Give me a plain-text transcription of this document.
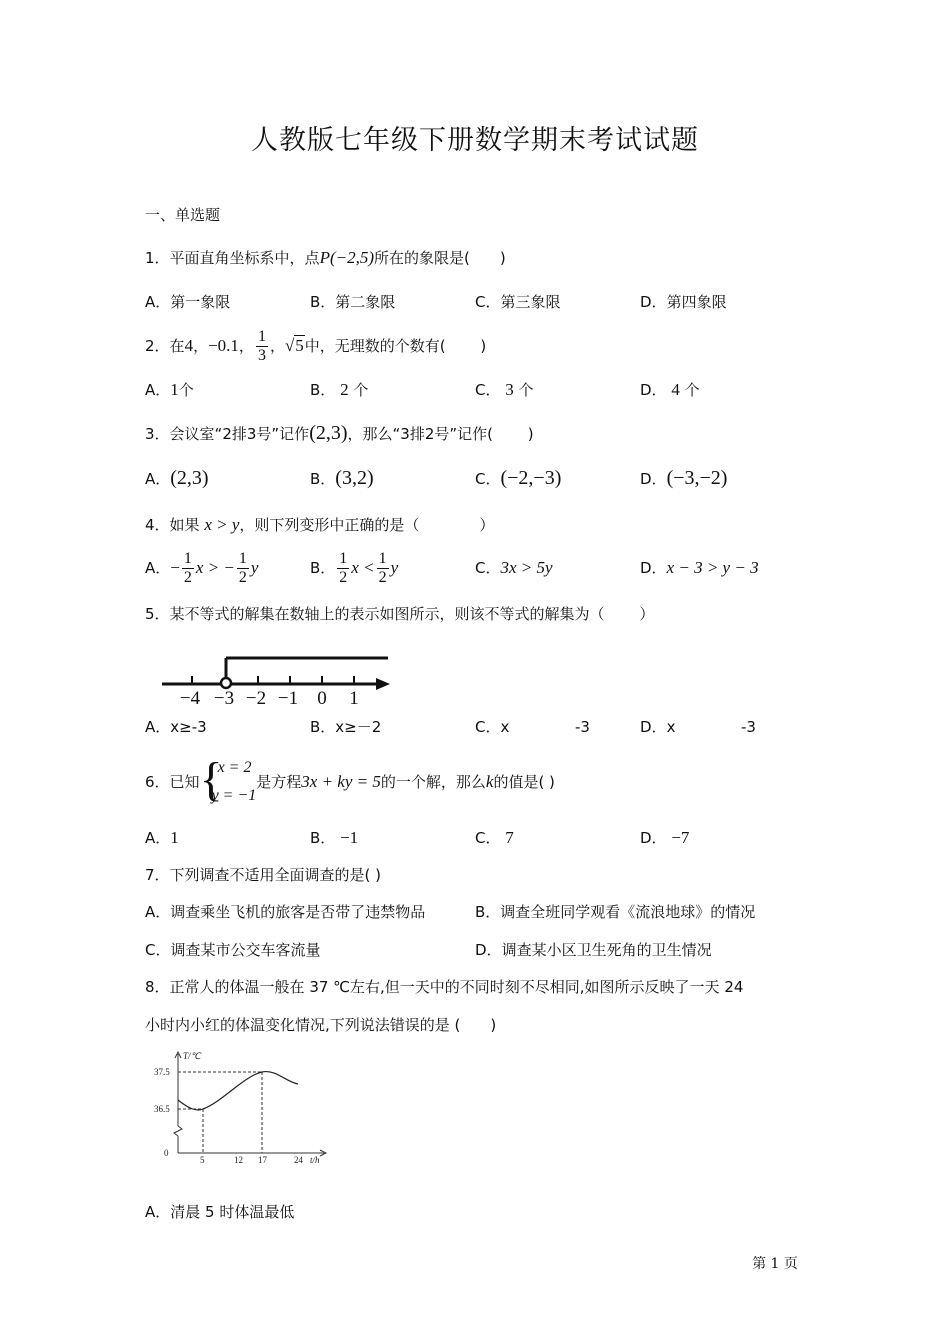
人教版七年级下册数学期末考试试题
一、单选题
1．平面直角坐标系中，点P(−2,5)所在的象限是(　　)
A．第一象限	B．第二象限	C．第三象限	D．第四象限
2． 在 4 ， −0.1 ， $\frac{1}{3}$ ， √5 中，无理数的个数有(　　 )
A．1个	B． 2 个	C． 3 个	D． 4 个
3．会议室“2排3号”记作(2,3)，那么“3排2号”记作(　　 )
A．(2,3)	B．(3,2)	C．(−2,−3)	D．(−3,−2)
4．如果 x > y，则下列变形中正确的是（　　　　）
A． − $\frac{1}{2}$ x > − $\frac{1}{2}$ y	B． $\frac{1}{2}$ $x < \frac{1}{2}$ y	C．3x > 5y	D．x − 3 > y − 3
5．某不等式的解集在数轴上的表示如图所示，则该不等式的解集为（　　 ）
−4 −3 −2 −1 0 1
A．x≥-3	B．x≥－2	C．x	-3	D．x	-3
6． 已知 {
x = 2
y = −1
是方程 3x + ky = 5 的一个解，那么 k 的值是( )
A．1	B． −1	C． 7	D． −7
7．下列调查不适用全面调查的是( )
A．调查乘坐飞机的旅客是否带了违禁物品	B．调查全班同学观看《流浪地球》的情况
C．调查某市公交车客流量	D．调查某小区卫生死角的卫生情况
8．正常人的体温一般在 37 ℃左右,但一天中的不同时刻不尽相同,如图所示反映了一天 24
小时内小红的体温变化情况,下列说法错误的是 (　　)
T/℃
37.5
36.5
0
5	12 17	24 t/h
A．清晨 5 时体温最低
第 1 页
